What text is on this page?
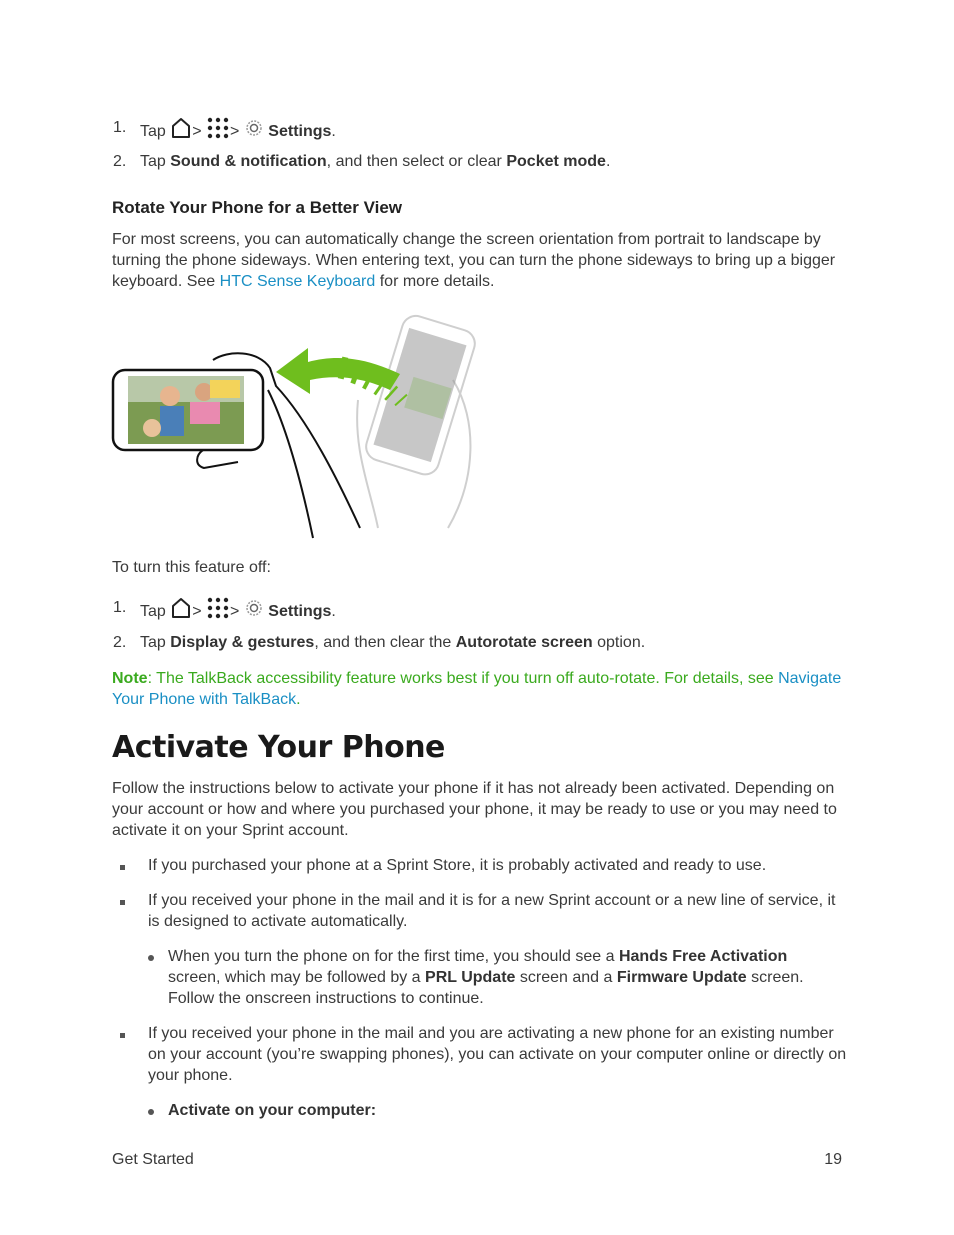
1. Tap > > Settings.
2. Tap Sound & notification, and then select or clear Pocket mode.
Rotate Your Phone for a Better View
For most screens, you can automatically change the screen orientation from portrait to landscape by turning the phone sideways. When entering text, you can turn the phone sideways to bring up a bigger keyboard. See HTC Sense Keyboard for more details.
To turn this feature off:
1. Tap > > Settings.
2. Tap Display & gestures, and then clear the Autorotate screen option.
Note: The TalkBack accessibility feature works best if you turn off auto-rotate. For details, see Navigate Your Phone with TalkBack.
Activate Your Phone
Follow the instructions below to activate your phone if it has not already been activated. Depending on your account or how and where you purchased your phone, it may be ready to use or you may need to activate it on your Sprint account.
If you purchased your phone at a Sprint Store, it is probably activated and ready to use.
If you received your phone in the mail and it is for a new Sprint account or a new line of service, it is designed to activate automatically.
When you turn the phone on for the first time, you should see a Hands Free Activation screen, which may be followed by a PRL Update screen and a Firmware Update screen. Follow the onscreen instructions to continue.
If you received your phone in the mail and you are activating a new phone for an existing number on your account (you’re swapping phones), you can activate on your computer online or directly on your phone.
Activate on your computer:
Get Started	19
